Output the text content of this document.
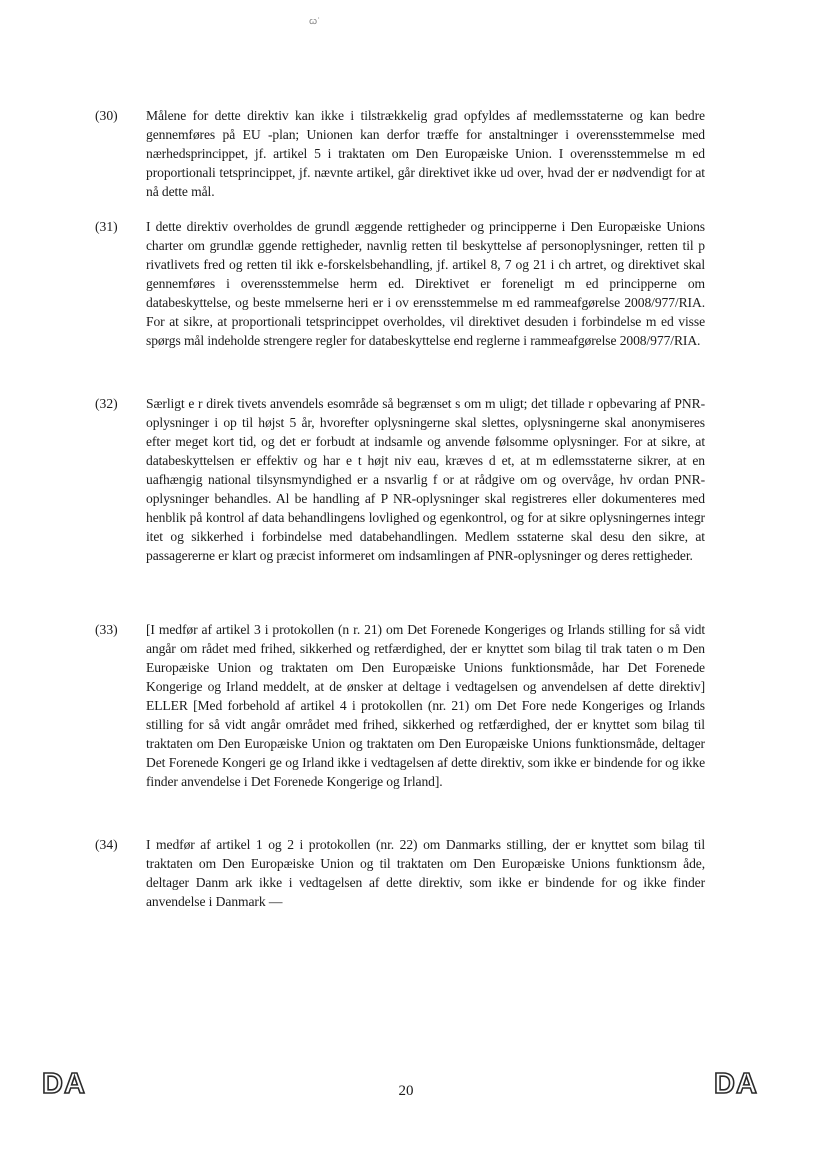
ꞷ˙
(30)	Målene for dette direktiv kan ikke i tilstrækkelig grad opfyldes af medlemsstaterne og kan bedre gennemføres på EU -plan; Unionen kan derfor træffe for anstaltninger i overensstemmelse med nærhedsprincippet, jf. artikel 5 i traktaten om Den Europæiske Union. I overensstemmelse m ed proportionali tetsprincippet, jf. nævnte artikel, går direktivet ikke ud over, hvad der er nødvendigt for at nå dette mål.
(31)	I dette direktiv overholdes de grundl æggende rettigheder og principperne i Den Europæiske Unions charter om grundlæ ggende rettigheder, navnlig retten til beskyttelse af personoplysninger, retten til p rivatlivets fred og retten til ikk e-forskelsbehandling, jf. artikel 8, 7 og 21 i ch artret, og direktivet skal gennemføres i overensstemmelse herm ed. Direktivet er foreneligt m ed principperne om databeskyttelse, og beste mmelserne heri er i ov erensstemmelse m ed rammeafgørelse 2008/977/RIA. For at sikre, at proportionali tetsprincippet overholdes, vil direktivet desuden i forbindelse m ed visse spørgs mål indeholde strengere regler for databeskyttelse end reglerne i rammeafgørelse 2008/977/RIA.
(32)	Særligt e r direk tivets anvendels esområde så begrænset s om m uligt; det tillade r opbevaring af PNR-oplysninger i op til højst 5 år, hvorefter oplysningerne skal slettes, oplysningerne skal anonymiseres efter meget kort tid, og det er forbudt at indsamle og anvende følsomme oplysninger. For at sikre, at databeskyttelsen er effektiv og har e t højt niv eau, kræves d et, at m edlemsstaterne sikrer, at en uafhængig national tilsynsmyndighed er a nsvarlig f or at rådgive om og overvåge, hv ordan PNR-oplysninger behandles. Al be handling af P NR-oplysninger skal registreres eller dokumenteres med henblik på kontrol af data behandlingens lovlighed og egenkontrol, og for at sikre oplysningernes integr itet og sikkerhed i forbindelse med databehandlingen. Medlem sstaterne skal desu den sikre, at passagererne er klart og præcist informeret om indsamlingen af PNR-oplysninger og deres rettigheder.
(33)	[I medfør af artikel 3 i protokollen (n r. 21) om Det Forenede Kongeriges og Irlands stilling for så vidt angår om rådet med frihed, sikkerhed og retfærdighed, der er knyttet som bilag til trak taten o m Den Europæiske Union og traktaten om Den Europæiske Unions funktionsmåde, har Det Forenede Kongerige og Irland meddelt, at de ønsker at deltage i vedtagelsen og anvendelsen af dette direktiv] ELLER [Med forbehold af artikel 4 i protokollen (nr. 21) om Det Fore nede Kongeriges og Irlands stilling for så vidt angår området med frihed, sikkerhed og retfærdighed, der er knyttet som bilag til traktaten om Den Europæiske Union og traktaten om Den Europæiske Unions funktionsmåde, deltager Det Forenede Kongeri ge og Irland ikke i vedtagelsen af dette direktiv, som ikke er bindende for og ikke finder anvendelse i Det Forenede Kongerige og Irland].
(34)	I medfør af artikel 1 og 2 i protokollen (nr. 22) om Danmarks stilling, der er knyttet som bilag til traktaten om Den Europæiske Union og til traktaten om Den Europæiske Unions funktionsm åde, deltager Danm ark ikke i vedtagelsen af dette direktiv, som ikke er bindende for og ikke finder anvendelse i Danmark —
DA	20	DA
